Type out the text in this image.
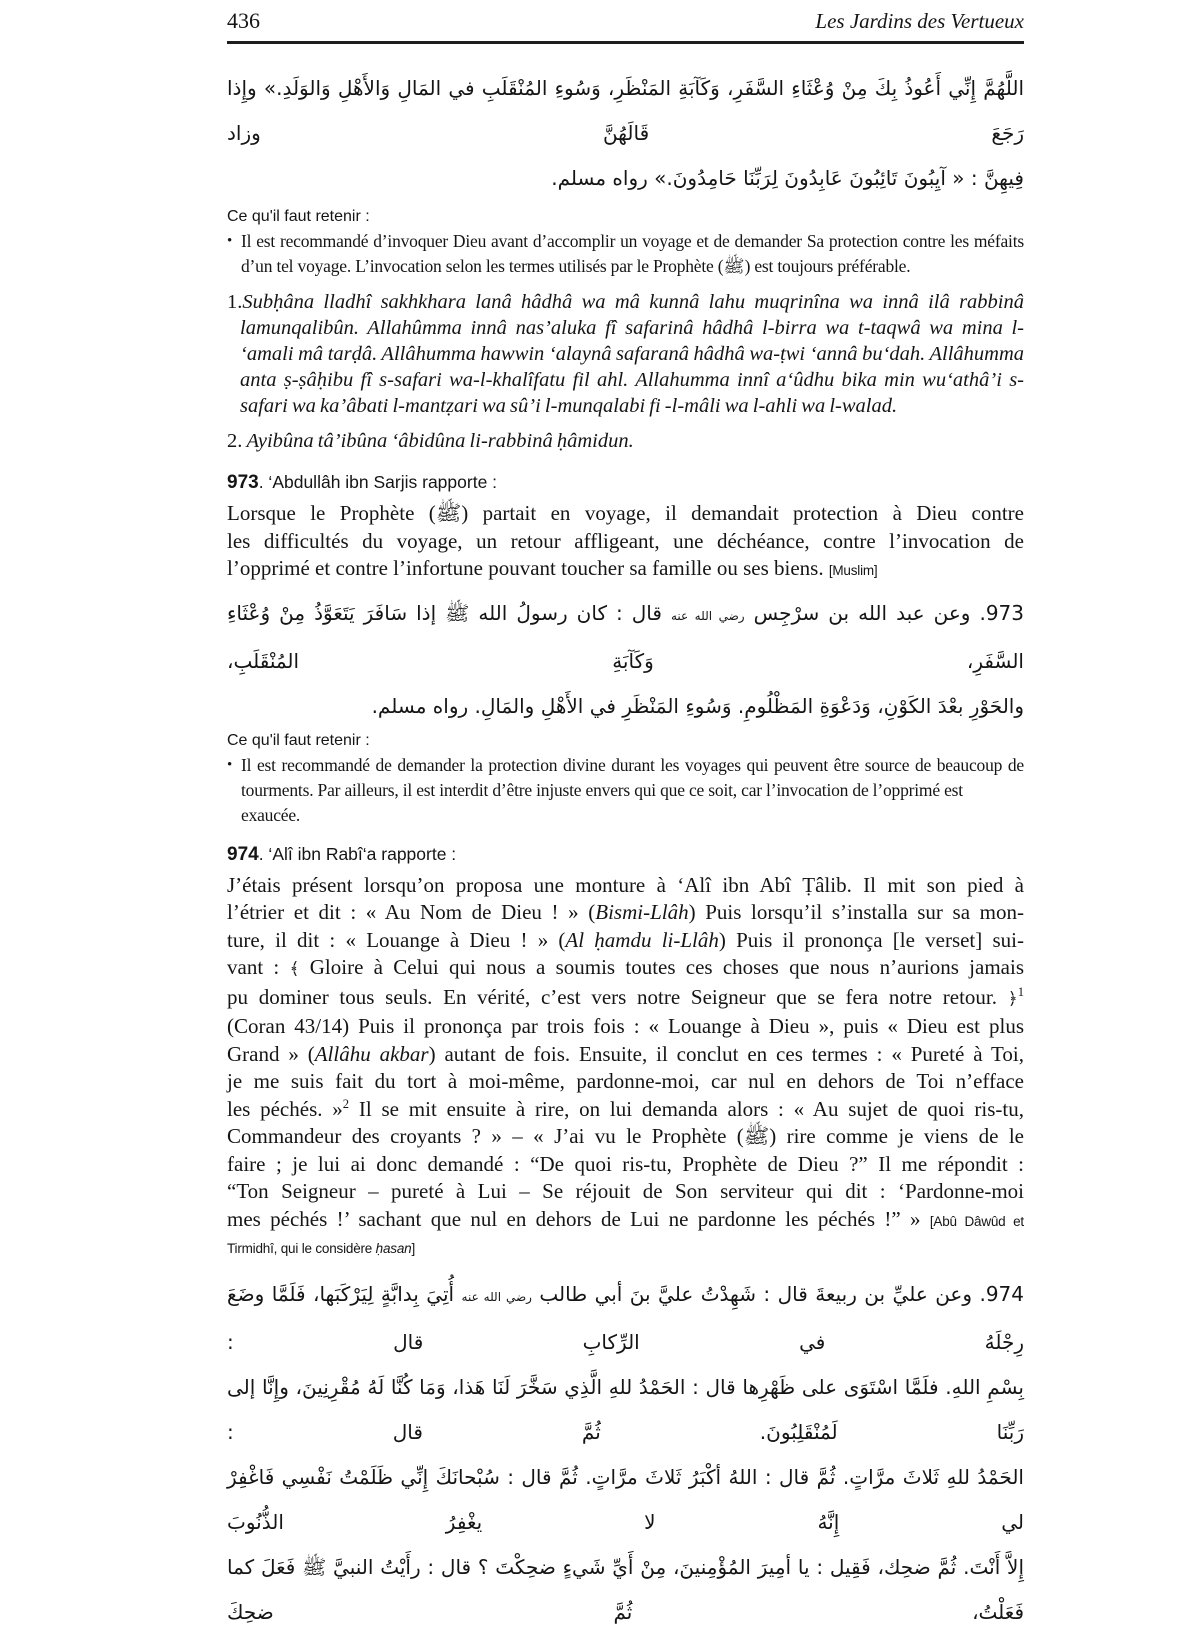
436	Les Jardins des Vertueux
اللَّهُمَّ إِنِّي أَعُوذُ بِكَ مِنْ وُعْثَاءِ السَّفَرِ، وَكَآبَةِ المَنْظَرِ، وَسُوءِ المُنْقَلَبِ في المَالِ وَالأَهْلِ وَالوَلَدِ.» وإِذا رَجَعَ قَالَهُنَّ وزاد
فِيهِنَّ : « آيِبُونَ تَائِبُونَ عَابِدُونَ لِرَبِّنَا حَامِدُونَ.» رواه مسلم.
Ce qu'il faut retenir :
• Il est recommandé d’invoquer Dieu avant d’accomplir un voyage et de demander Sa protection contre les méfaits
d’un tel voyage. L’invocation selon les termes utilisés par le Prophète (ﷺ) est toujours préférable.
1.Subḥâna lladhî sakhkhara lanâ hâdhâ wa mâ kunnâ lahu muqrinîna wa innâ ilâ rabbinâ
lamunqalibûn. Allahûmma innâ nas’aluka fî safarinâ hâdhâ l-birra wa t-taqwâ wa mina l-
‘amali mâ tarḍâ. Allâhumma hawwin ‘alaynâ safaranâ hâdhâ wa-ṭwi ‘annâ bu‘dah. Allâhumma
anta ṣ-ṣâḥibu fî s-safari wa-l-khalîfatu fil ahl. Allahumma innî a‘ûdhu bika min wu‘athâ’i s-
safari wa ka’âbati l-mantẓari wa sû’i l-munqalabi fi -l-mâli wa l-ahli wa l-walad.
2. Ayibûna tâ’ibûna ‘âbidûna li-rabbinâ ḥâmidun.
973. ‘Abdullâh ibn Sarjis rapporte :
Lorsque le Prophète (ﷺ) partait en voyage, il demandait protection à Dieu contre
les difficultés du voyage, un retour affligeant, une déchéance, contre l’invocation de
l’opprimé et contre l’infortune pouvant toucher sa famille ou ses biens. [Muslim]
973. وعن عبد الله بن سرْجِس رضي الله عنه قال : كان رسولُ الله ﷺ إذا سَافَرَ يَتَعَوَّذُ مِنْ وُعْثَاءِ السَّفَرِ، وَكَآبَةِ المُنْقَلَبِ،
والحَوْرِ بعْدَ الكَوْنِ، وَدَعْوَةِ المَظْلُومِ. وَسُوءِ المَنْظَرِ في الأَهْلِ والمَالِ. رواه مسلم.
Ce qu'il faut retenir :
• Il est recommandé de demander la protection divine durant les voyages qui peuvent être source de beaucoup de
tourments. Par ailleurs, il est interdit d’être injuste envers qui que ce soit, car l’invocation de l’opprimé est exaucée.
974. ‘Alî ibn Rabî‘a rapporte :
J’étais présent lorsqu’on proposa une monture à ‘Alî ibn Abî Ṭâlib. Il mit son pied à
l’étrier et dit : « Au Nom de Dieu ! » (Bismi-Llâh) Puis lorsqu’il s’installa sur sa mon-
ture, il dit : « Louange à Dieu ! » (Al ḥamdu li-Llâh) Puis il prononça [le verset] sui-
vant : ﴾ Gloire à Celui qui nous a soumis toutes ces choses que nous n’aurions jamais
pu dominer tous seuls. En vérité, c’est vers notre Seigneur que se fera notre retour. ﴿$^1$
(Coran 43/14) Puis il prononça par trois fois : « Louange à Dieu », puis « Dieu est plus
Grand » (Allâhu akbar) autant de fois. Ensuite, il conclut en ces termes : « Pureté à Toi,
je me suis fait du tort à moi-même, pardonne-moi, car nul en dehors de Toi n’efface
les péchés. »$^2$ Il se mit ensuite à rire, on lui demanda alors : « Au sujet de quoi ris-tu,
Commandeur des croyants ? » – « J’ai vu le Prophète (ﷺ) rire comme je viens de le
faire ; je lui ai donc demandé : “De quoi ris-tu, Prophète de Dieu ?” Il me répondit :
“Ton Seigneur – pureté à Lui – Se réjouit de Son serviteur qui dit : ‘Pardonne-moi
mes péchés !’ sachant que nul en dehors de Lui ne pardonne les péchés !” » [Abû Dâwûd et
Tirmidhî, qui le considère ḥasan]
974. وعن عليِّ بن ربيعةَ قال : شَهِدْتُ عليَّ بنَ أبي طالب رضي الله عنه أُتِيَ بِدابَّةٍ لِيَرْكَبَها، فَلَمَّا وضَعَ رِجْلَهُ في الرِّكابِ قال :
بِسْمِ اللهِ. فلَمَّا اسْتَوَى على ظَهْرِها قال : الحَمْدُ للهِ الَّذِي سَخَّرَ لَنَا هَذا، وَمَا كُنَّا لَهُ مُقْرِنِينَ، وإِنَّا إلى رَبِّنَا لَمُنْقَلِبُونَ. ثُمَّ قال :
الحَمْدُ للهِ ثَلاثَ مرَّاتٍ. ثُمَّ قال : اللهُ أكْبَرُ ثَلاثَ مرَّاتٍ. ثُمَّ قال : سُبْحانَكَ إِنِّي ظَلَمْتُ نَفْسِي فَاغْفِرْ لي إِنَّهُ لا يغْفِرُ الذُّنُوبَ
إِلاَّ أَنْتَ. ثُمَّ ضحِك، فَقِيل : يا أمِيرَ المُؤْمِنينَ، مِنْ أَيِّ شَيءٍ ضحِكْتَ ؟ قال : رأَيْتُ النبيَّ ﷺ فَعَلَ كما فَعَلْتُ، ثُمَّ ضحِكَ
